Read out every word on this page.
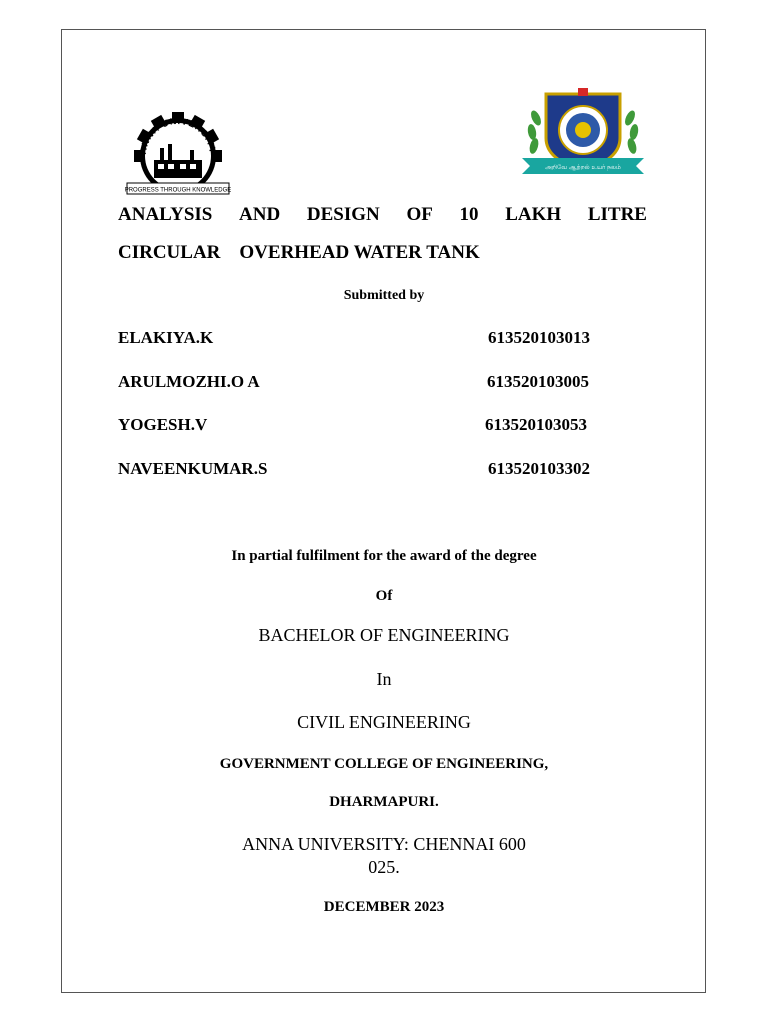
ANNA UNIVERSITY
PROGRESS THROUGH KNOWLEDGE
அறிவே ஆற்றல் உயர் நலம்
ANALYSIS AND DESIGN OF 10 LAKH LITRE
CIRCULAR    OVERHEAD WATER TANK
Submitted by
ELAKIYA.K	613520103013
ARULMOZHI.O A	613520103005
YOGESH.V	613520103053
NAVEENKUMAR.S	613520103302
In partial fulfilment for the award of the degree
Of
BACHELOR OF ENGINEERING
In
CIVIL ENGINEERING
GOVERNMENT COLLEGE OF ENGINEERING,
DHARMAPURI.
ANNA UNIVERSITY: CHENNAI 600
025.
DECEMBER 2023
